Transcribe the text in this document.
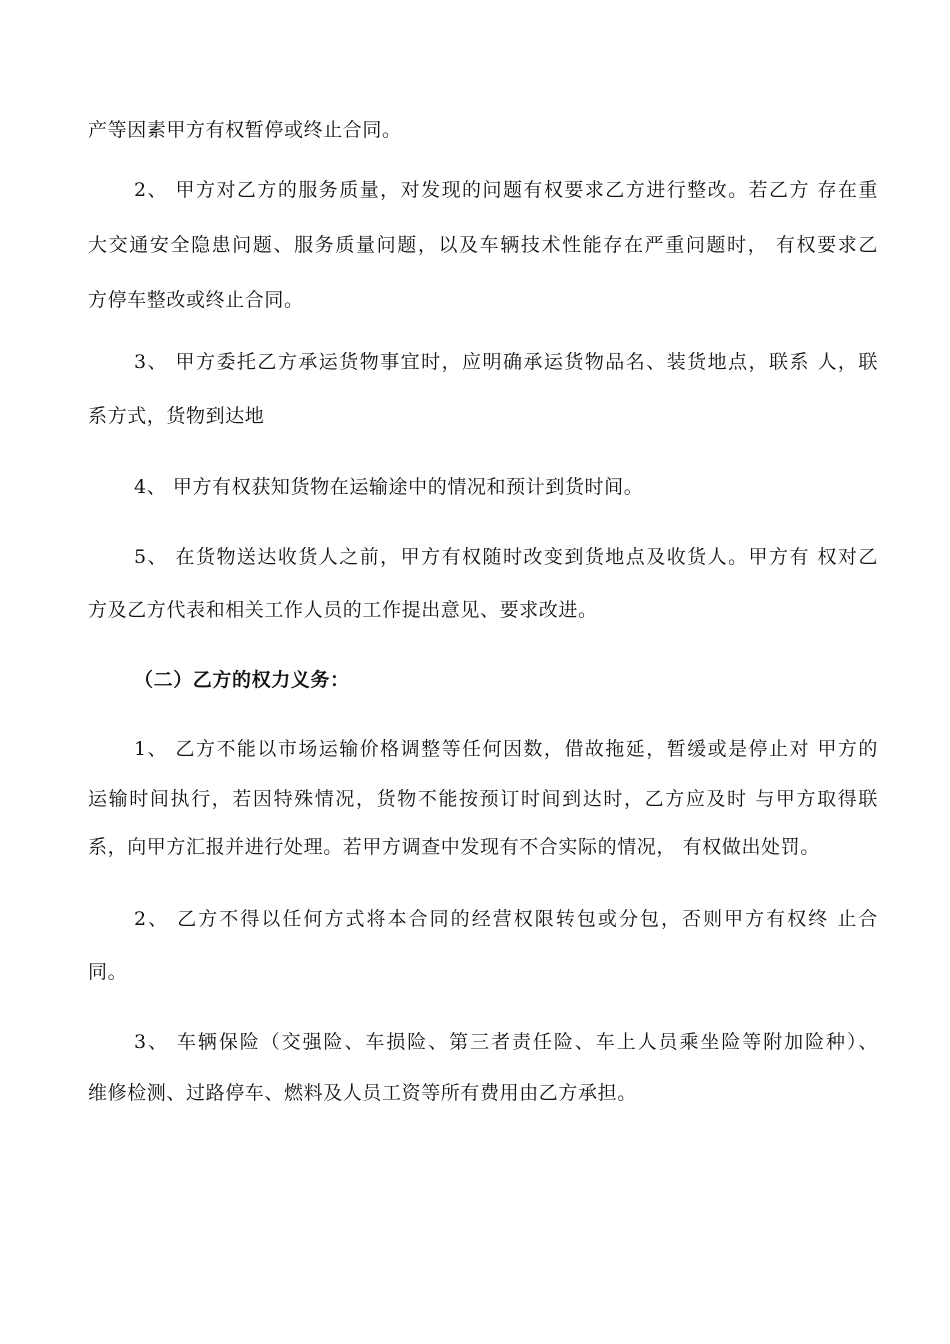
产等因素甲方有权暂停或终止合同。
2、 甲方对乙方的服务质量，对发现的问题有权要求乙方进行整改。若乙方 存在重
大交通安全隐患问题、服务质量问题，以及车辆技术性能存在严重问题时， 有权要求乙
方停车整改或终止合同。
3、 甲方委托乙方承运货物事宜时，应明确承运货物品名、装货地点，联系 人，联
系方式，货物到达地
4、 甲方有权获知货物在运输途中的情况和预计到货时间。
5、 在货物送达收货人之前，甲方有权随时改变到货地点及收货人。甲方有 权对乙
方及乙方代表和相关工作人员的工作提出意见、要求改进。
（二）乙方的权力义务：
1、 乙方不能以市场运输价格调整等任何因数，借故拖延，暂缓或是停止对 甲方的
运输时间执行，若因特殊情况，货物不能按预订时间到达时，乙方应及时 与甲方取得联
系，向甲方汇报并进行处理。若甲方调查中发现有不合实际的情况， 有权做出处罚。
2、 乙方不得以任何方式将本合同的经营权限转包或分包，否则甲方有权终 止合
同。
3、 车辆保险（交强险、车损险、第三者责任险、车上人员乘坐险等附加险种）、
维修检测、过路停车、燃料及人员工资等所有费用由乙方承担。
